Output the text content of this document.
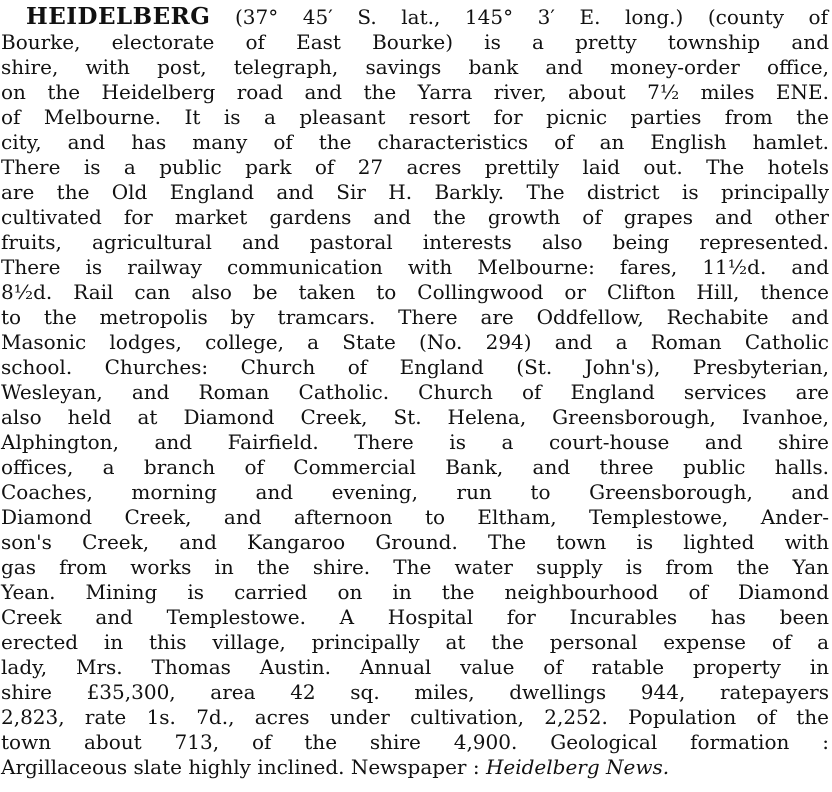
HEIDELBERG (37° 45′ S. lat., 145° 3′ E. long.) (county of
Bourke, electorate of East Bourke) is a pretty township and
shire, with post, telegraph, savings bank and money-order office,
on the Heidelberg road and the Yarra river, about 7½ miles ENE.
of Melbourne. It is a pleasant resort for picnic parties from the
city, and has many of the characteristics of an English hamlet.
There is a public park of 27 acres prettily laid out. The hotels
are the Old England and Sir H. Barkly. The district is principally
cultivated for market gardens and the growth of grapes and other
fruits, agricultural and pastoral interests also being represented.
There is railway communication with Melbourne: fares, 11½d. and
8½d. Rail can also be taken to Collingwood or Clifton Hill, thence
to the metropolis by tramcars. There are Oddfellow, Rechabite and
Masonic lodges, college, a State (No. 294) and a Roman Catholic
school. Churches: Church of England (St. John's), Presbyterian,
Wesleyan, and Roman Catholic. Church of England services are
also held at Diamond Creek, St. Helena, Greensborough, Ivanhoe,
Alphington, and Fairfield. There is a court-house and shire
offices, a branch of Commercial Bank, and three public halls.
Coaches, morning and evening, run to Greensborough, and
Diamond Creek, and afternoon to Eltham, Templestowe, Ander-
son's Creek, and Kangaroo Ground. The town is lighted with
gas from works in the shire. The water supply is from the Yan
Yean. Mining is carried on in the neighbourhood of Diamond
Creek and Templestowe. A Hospital for Incurables has been
erected in this village, principally at the personal expense of a
lady, Mrs. Thomas Austin. Annual value of ratable property in
shire £35,300, area 42 sq. miles, dwellings 944, ratepayers
2,823, rate 1s. 7d., acres under cultivation, 2,252. Population of the
town about 713, of the shire 4,900. Geological formation :
Argillaceous slate highly inclined. Newspaper : Heidelberg News.
